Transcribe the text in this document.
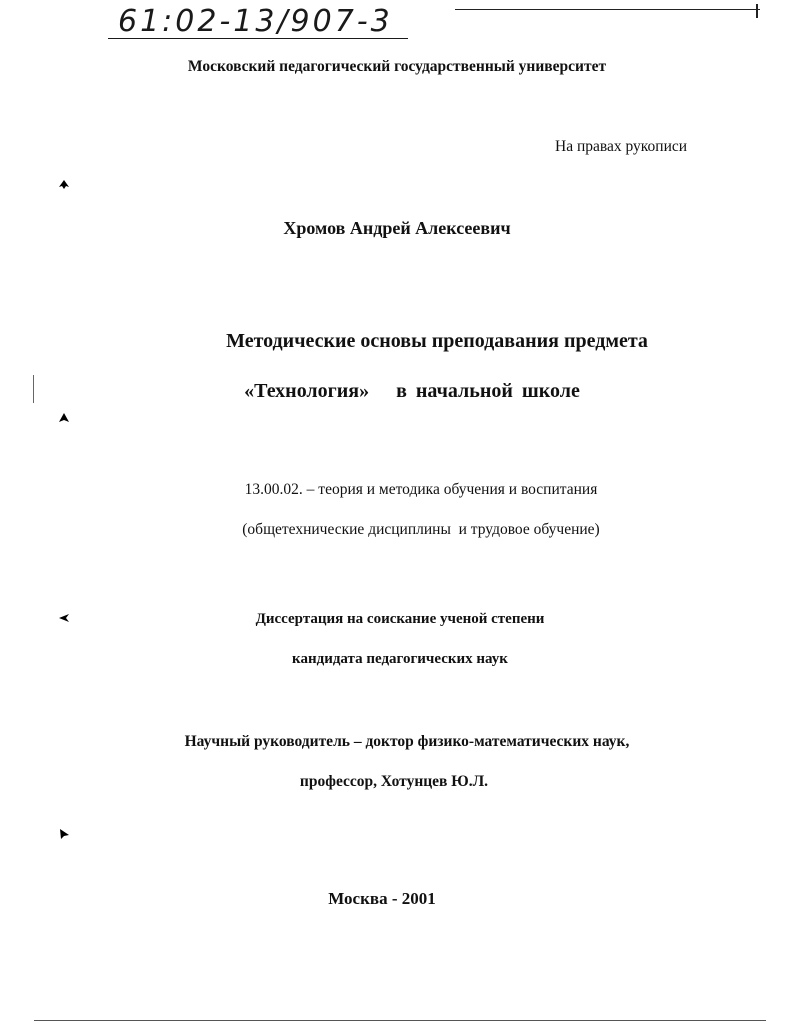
61:02-13/907-3
Московский педагогический государственный университет
На правах рукописи
Хромов Андрей Алексеевич
Методические основы преподавания предмета
«Технология»   в начальной школе
13.00.02. – теория и методика обучения и воспитания
(общетехнические дисциплины  и трудовое обучение)
Диссертация на соискание ученой степени
кандидата педагогических наук
Научный руководитель – доктор физико-математических наук,
профессор, Хотунцев Ю.Л.
Москва - 2001
